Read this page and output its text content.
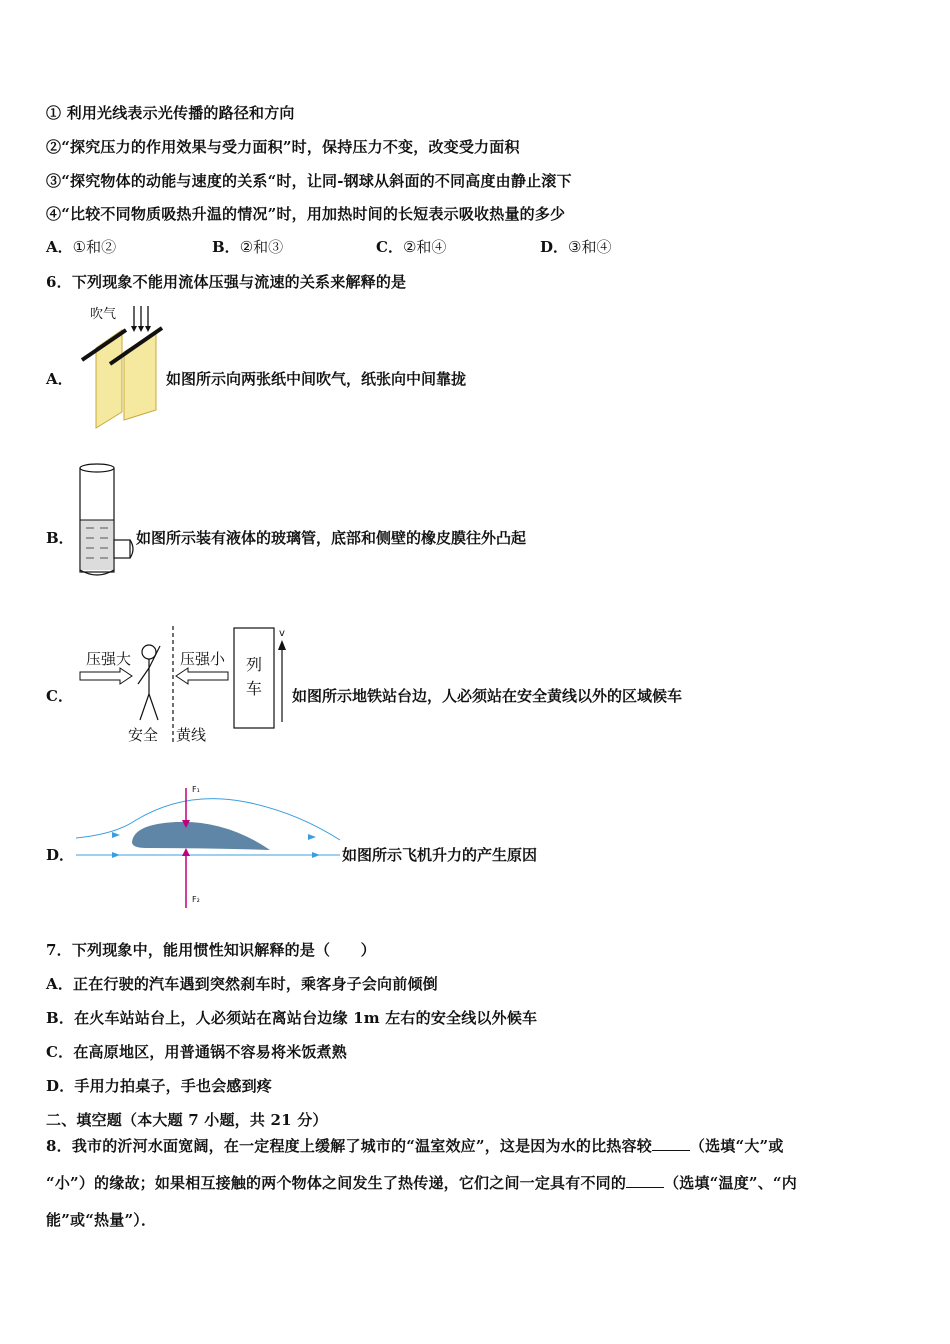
① 利用光线表示光传播的路径和方向
②“探究压力的作用效果与受力面积”时，保持压力不变，改变受力面积
③“探究物体的动能与速度的关系“时，让同-钢球从斜面的不同高度由静止滚下
④“比较不同物质吸热升温的情况”时，用加热时间的长短表示吸收热量的多少
A．①和②	B．②和③	C．②和④	D．③和④
6．下列现象不能用流体压强与流速的关系来解释的是
吹气
A．	如图所示向两张纸中间吹气，纸张向中间靠拢
B．	如图所示装有液体的玻璃管，底部和侧壁的橡皮膜往外凸起
压强大	压强小 列
车
v
安全 黄线
C．	如图所示地铁站台边，人必须站在安全黄线以外的区域候车
F₁
F₂
D．	如图所示飞机升力的产生原因
7．下列现象中，能用惯性知识解释的是（　　）
A．正在行驶的汽车遇到突然刹车时，乘客身子会向前倾倒
B．在火车站站台上，人必须站在离站台边缘 1m 左右的安全线以外候车
C．在高原地区，用普通锅不容易将米饭煮熟
D．手用力拍桌子，手也会感到疼
二、填空题（本大题 7 小题，共 21 分）
8．我市的沂河水面宽阔，在一定程度上缓解了城市的“温室效应”，这是因为水的比热容较	（选填“大”或
“小”）的缘故；如果相互接触的两个物体之间发生了热传递，它们之间一定具有不同的	（选填“温度”、“内
能”或“热量”）．
